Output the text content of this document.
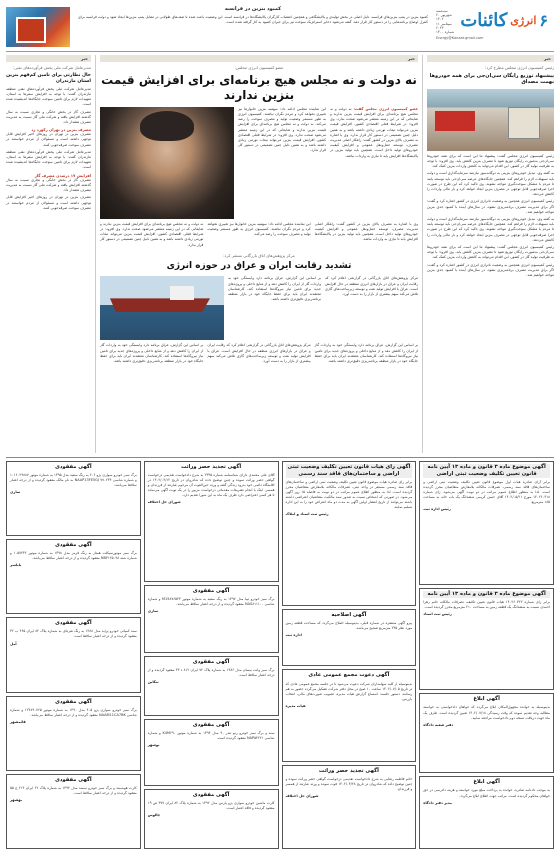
۶
انرژی
کائنات
سه‌شنبه
۲۰ شهریور ۱۴۰۲
۱۱ سپتامبر ۲۰۲۳
شماره ۱۳۰۰
Energy@Kanaat.gmail.com
کمبود بنزین در فرانسه
کمبود بنزین در پمپ بنزین‌های فرانسه، دلیل اصلی در بخش تولیدی و پالایشگاهی و همچنین اعتصاب کارگران پالایشگاه‌ها در فرانسه است. این وضعیت باعث شده تا صف‌های طولانی در مقابل پمپ بنزین‌ها ایجاد شود و دولت فرانسه برای کنترل اوضاع برنامه‌هایی را در دستور کار قرار دهد. گفته می‌شود ذخایر استراتژیک سوخت نیز برای جبران کمبود به کار گرفته شده است.
خبر
رئیس کمیسیون انرژی مجلس مطرح کرد:
پیشنهاد توزیع رایگان سی‌ان‌جی برای همه خودروها بهمت مصداق
رئیس کمیسیون انرژی مجلس گفت: پیشنهاد ما این است که برای همه خودروها سی‌ان‌جی به‌صورت رایگان توزیع شود تا مصرف بنزین کاهش یابد. وی افزود: با توجه به ظرفیت تولید گاز در کشور، این اقدام می‌تواند به کاهش واردات بنزین کمک کند.
به گفته وی، تبدیل خودروهای بنزینی به دوگانه‌سوز نیازمند سرمایه‌گذاری است و دولت باید تسهیلات لازم را فراهم کند. همچنین جایگاه‌های عرضه سی‌ان‌جی باید توسعه یابند تا مردم با مشکل سوخت‌گیری مواجه نشوند. وی تاکید کرد که این طرح در صورت اجرا صرفه‌جویی قابل توجهی در مصرف بنزین ایجاد خواهد کرد و بار مالی واردات را کاهش می‌دهد.
رئیس کمیسیون انرژی همچنین به وضعیت ناترازی انرژی در کشور اشاره کرد و گفت: اگر برای مدیریت مصرف برنامه‌ریزی نشود، در سال‌های آینده با کمبود جدی بنزین مواجه خواهیم شد.
به گفته وی، تبدیل خودروهای بنزینی به دوگانه‌سوز نیازمند سرمایه‌گذاری است و دولت باید تسهیلات لازم را فراهم کند. همچنین جایگاه‌های عرضه سی‌ان‌جی باید توسعه یابند تا مردم با مشکل سوخت‌گیری مواجه نشوند. وی تاکید کرد که این طرح در صورت اجرا صرفه‌جویی قابل توجهی در مصرف بنزین ایجاد خواهد کرد و بار مالی واردات را کاهش می‌دهد.
رئیس کمیسیون انرژی مجلس گفت: پیشنهاد ما این است که برای همه خودروها سی‌ان‌جی به‌صورت رایگان توزیع شود تا مصرف بنزین کاهش یابد. وی افزود: با توجه به ظرفیت تولید گاز در کشور، این اقدام می‌تواند به کاهش واردات بنزین کمک کند.
رئیس کمیسیون انرژی همچنین به وضعیت ناترازی انرژی در کشور اشاره کرد و گفت: اگر برای مدیریت مصرف برنامه‌ریزی نشود، در سال‌های آینده با کمبود جدی بنزین مواجه خواهیم شد.
خبر
عضو کمیسیون انرژی مجلس:
نه دولت و نه مجلس هیچ برنامه‌ای برای افزایش قیمت بنزین ندارند
عضو کمیسیون انرژی مجلس گفت: نه دولت و نه مجلس هیچ برنامه‌ای برای افزایش قیمت بنزین ندارند و شایعاتی که در این زمینه منتشر می‌شود صحت ندارد. وی افزود: در شرایط فعلی اقتصادی کشور، افزایش قیمت بنزین می‌تواند تبعات تورمی زیادی داشته باشد و به همین دلیل چنین تصمیمی در دستور کار قرار ندارد. وی با اشاره به مصرف بالای بنزین در کشور گفت: راهکار اصلی مدیریت مصرف، توسعه حمل‌ونقل عمومی و افزایش کیفیت خودروهای تولید داخل است. همچنین باید تولید بنزین در پالایشگاه‌ها افزایش یابد تا نیازی به واردات نباشد.
این نماینده مجلس ادامه داد: سهمیه بنزین خانوارها نیز تغییری نخواهد کرد و مردم نگران نباشند. کمیسیون انرژی به طور مستمر وضعیت تولید و مصرف سوخت را رصد می‌کند. نه دولت و نه مجلس هیچ برنامه‌ای برای افزایش قیمت بنزین ندارند و شایعاتی که در این زمینه منتشر می‌شود صحت ندارد. وی افزود: در شرایط فعلی اقتصادی کشور، افزایش قیمت بنزین می‌تواند تبعات تورمی زیادی داشته باشد و به همین دلیل چنین تصمیمی در دستور کار قرار ندارد.
وی با اشاره به مصرف بالای بنزین در کشور گفت: راهکار اصلی مدیریت مصرف، توسعه حمل‌ونقل عمومی و افزایش کیفیت خودروهای تولید داخل است. همچنین باید تولید بنزین در پالایشگاه‌ها افزایش یابد تا نیازی به واردات نباشد.
این نماینده مجلس ادامه داد: سهمیه بنزین خانوارها نیز تغییری نخواهد کرد و مردم نگران نباشند. کمیسیون انرژی به طور مستمر وضعیت تولید و مصرف سوخت را رصد می‌کند.
نه دولت و نه مجلس هیچ برنامه‌ای برای افزایش قیمت بنزین ندارند و شایعاتی که در این زمینه منتشر می‌شود صحت ندارد. وی افزود: در شرایط فعلی اقتصادی کشور، افزایش قیمت بنزین می‌تواند تبعات تورمی زیادی داشته باشد و به همین دلیل چنین تصمیمی در دستور کار قرار ندارد.
مرکز پژوهش‌های اتاق بازرگانی منتشر کرد:
تشدید رقابت ایران و عراق در حوزه انرژی
مرکز پژوهش‌های اتاق بازرگانی در گزارشی اعلام کرد که رقابت ایران و عراق در بازارهای انرژی منطقه در حال افزایش است. عراق با افزایش تولید نفت و توسعه زیرساخت‌های گازی تلاش می‌کند سهم بیشتری از بازار را به دست آورد.
بر اساس این گزارش، عراق برنامه دارد وابستگی خود به واردات گاز از ایران را کاهش دهد و از منابع داخلی و پروژه‌های جدید برای تامین نیاز نیروگاه‌ها استفاده کند. کارشناسان معتقدند ایران باید برای حفظ جایگاه خود در بازار منطقه برنامه‌ریزی دقیق‌تری داشته باشد.
بر اساس این گزارش، عراق برنامه دارد وابستگی خود به واردات گاز از ایران را کاهش دهد و از منابع داخلی و پروژه‌های جدید برای تامین نیاز نیروگاه‌ها استفاده کند. کارشناسان معتقدند ایران باید برای حفظ جایگاه خود در بازار منطقه برنامه‌ریزی دقیق‌تری داشته باشد.
مرکز پژوهش‌های اتاق بازرگانی در گزارشی اعلام کرد که رقابت ایران و عراق در بازارهای انرژی منطقه در حال افزایش است. عراق با افزایش تولید نفت و توسعه زیرساخت‌های گازی تلاش می‌کند سهم بیشتری از بازار را به دست آورد.
بر اساس این گزارش، عراق برنامه دارد وابستگی خود به واردات گاز از ایران را کاهش دهد و از منابع داخلی و پروژه‌های جدید برای تامین نیاز نیروگاه‌ها استفاده کند. کارشناسان معتقدند ایران باید برای حفظ جایگاه خود در بازار منطقه برنامه‌ریزی دقیق‌تری داشته باشد.
خبر
مدیرعامل شرکت ملی پخش فرآورده‌های نفتی:
حال نظارتی برای تامین کم‌فهم بنزین استان مازندران
مدیرعامل شرکت ملی پخش فرآورده‌های نفتی منطقه مازندران گفت: با توجه به افزایش سفرها به استان، تمهیدات لازم برای تامین سوخت جایگاه‌ها اندیشیده شده است.
مصرف گاز در بخش خانگی و تجاری نسبت به سال گذشته افزایش یافته و شرکت ملی گاز نسبت به مدیریت مصرف هشدار داد.
مصرف بنزین در تهران رکورد زد
مصرف بنزین در تهران در روزهای اخیر افزایش قابل توجهی داشته است و مسئولان از مردم خواستند در مصرف سوخت صرفه‌جویی کنند.
مدیرعامل شرکت ملی پخش فرآورده‌های نفتی منطقه مازندران گفت: با توجه به افزایش سفرها به استان، تمهیدات لازم برای تامین سوخت جایگاه‌ها اندیشیده شده است.
افزایش ۱۷ درصدی مصرف گاز
مصرف گاز در بخش خانگی و تجاری نسبت به سال گذشته افزایش یافته و شرکت ملی گاز نسبت به مدیریت مصرف هشدار داد.
مصرف بنزین در تهران در روزهای اخیر افزایش قابل توجهی داشته است و مسئولان از مردم خواستند در مصرف سوخت صرفه‌جویی کنند.
آگهی موضوع ماده ۳ قانون و ماده ۱۳ آیین نامه قانون تعیین تکلیف وضعیت ثبتی اراضی
برابر آرای صادره هیات اول موضوع قانون تعیین تکلیف وضعیت ثبتی اراضی و ساختمان‌های فاقد سند رسمی، تصرفات مالکانه بلامعارض متقاضیان محرز گردیده است. لذا به منظور اطلاع عموم مراتب در دو نوبت آگهی می‌شود. رای شماره ۱۴۰۲۶۰۳۱۸ مورخ ۱۴۰۲/۰۵/۲۱ آقای حسن کریمی ششدانگ یک باب خانه به مساحت ۱۸۵ مترمربع.
رئیس اداره ثبت
آگهی موضوع ماده ۳ قانون و ماده ۱۳ آیین نامه
برابر رای شماره ۱۴۰۲۶۰۳۲۲ هیات قانون تعیین تکلیف، تصرفات مالکانه خانم زهرا احمدی نسبت به ششدانگ یک قطعه زمین به مساحت ۲۱۰ مترمربع محرز گردیده است.
رئیس ثبت اسناد
آگهی ابلاغ
بدینوسیله به خوانده مجهول‌المکان ابلاغ می‌گردد که خواهان دادخواستی به خواسته مطالبه وجه تقدیم نموده که وقت رسیدگی ۱۴۰۲/۰۷/۱۸ تعیین گردیده است. ظرف یک ماه جهت دریافت نسخه دوم دادخواست مراجعه نمایید.
دفتر شعبه دادگاه
آگهی ابلاغ
به موجب دادنامه صادره، خوانده به پرداخت مبلغ مورد خواسته و هزینه دادرسی در حق خواهان محکوم گردیده است. مراتب جهت اطلاع ابلاغ می‌گردد.
مدیر دفتر دادگاه
آگهی رای هیات قانون تعیین تکلیف وضعیت ثبتی اراضی و ساختمان‌های فاقد سند رسمی
برابر رای صادره هیات موضوع قانون تعیین تکلیف وضعیت ثبتی اراضی و ساختمان‌های فاقد سند رسمی مستقر در واحد ثبتی، تصرفات مالکانه بلامعارض متقاضیان محرز گردیده است. لذا به منظور اطلاع عموم مراتب در دو نوبت به فاصله ۱۵ روز آگهی می‌شود. در صورتی که اشخاص نسبت به صدور سند مالکیت متقاضیان اعتراضی داشته باشند می‌توانند از تاریخ انتشار اولین آگهی به مدت دو ماه اعتراض خود را به این اداره تسلیم نمایند.
رئیس ثبت اسناد و املاک
آگهی اصلاحیه
پیرو آگهی منتشره در شماره قبلی، بدینوسیله اصلاح می‌گردد که مساحت قطعه زمین مورد نظر ۲۴۵ مترمربع صحیح می‌باشد.
اداره ثبت
آگهی دعوت مجمع عمومی عادی
بدینوسیله از کلیه سهامداران شرکت دعوت می‌شود تا در جلسه مجمع عمومی عادی که در تاریخ ۱۴۰۲/۰۷/۰۵ ساعت ۱۰ صبح در محل دفتر شرکت تشکیل می‌گردد حضور به هم رسانند. دستور جلسه: استماع گزارش هیات مدیره، تصویب صورت‌های مالی، انتخاب بازرس.
هیات مدیره
آگهی تجدید حصر وراثت
خانم فاطمه رضایی به شرح دادخواست تقدیمی درخواست گواهی حصر وراثت نموده و چنین توضیح داده که شادروان در تاریخ ۱۴۰۲/۰۳/۲۸ فوت نموده و ورثه عبارتند از همسر و فرزندان.
شورای حل اختلاف
آگهی تجدید حصر وراثت
آقای علی محمدی دارای شناسنامه شماره ۲۳۴۵ به شرح دادخواست تقدیمی درخواست گواهی حصر وراثت نموده و چنین توضیح داده که شادروان در تاریخ ۱۴۰۲/۰۴/۱۲ در اقامتگاه دائمی خود بدرود زندگی گفته و ورثه حین‌الفوت آن مرحوم عبارتند از فرزندان و همسر. اینک با انجام تشریفات مقدماتی درخواست مزبور را در یک نوبت آگهی می‌نماید تا هر کسی اعتراضی دارد ظرف یک ماه به این شورا تقدیم دارد.
شورای حل اختلاف
آگهی مفقودی
برگ سبز خودرو تیبا مدل ۱۳۹۷ به رنگ سفید به شماره موتور M15۸۷۶۵۴۳ و شماره شاسی NAS۸۱۱۱۰۰ مفقود گردیده و از درجه اعتبار ساقط می‌باشد.
ساری
آگهی مفقودی
برگ سبز وانت نیسان مدل ۱۳۸۶ به شماره پلاک ۷۲ ایران ۸۱۲ د ۴۳ مفقود گردیده و از درجه اعتبار ساقط است.
تنکابن
آگهی مفقودی
سند و برگ سبز خودرو رنو تندر ۹۰ مدل ۱۳۹۴ به شماره موتور K4M۶۹۰ و شماره شاسی NAP۵۴۲۲۱ مفقود گردیده است.
نوشهر
آگهی مفقودی
کارت ماشین خودرو سواری پژو پارس مدل ۱۳۹۶ به شماره پلاک ۸۲ ایران ۳۷۷ ص ۱۹ مفقود گردیده و فاقد اعتبار است.
چالوس
آگهی مفقودی
برگ سبز خودرو سواری پژو ۲۰۶ به رنگ سفید مدل ۱۳۹۵ به شماره موتور ۱۰۱۶۰۲۹۸۸۷ و شماره شاسی NAAP13FE5GJ ۷۷۰۲۳۴ به نام مالک مفقود گردیده و از درجه اعتبار ساقط می‌باشد.
ساری
آگهی مفقودی
برگ سبز موتورسیکلت همتاز به رنگ قرمز مدل ۱۳۹۸ به شماره موتور ۱۰۵۷۴۳۲ و شماره شنه NB۳۱۲۵۰۹۸ مفقود گردیده و از درجه اعتبار ساقط می‌باشد.
بابلسر
آگهی مفقودی
سند کمپانی خودرو پراید مدل ۱۳۸۸ به رنگ نقره‌ای به شماره پلاک ۸۲ ایران ۴۶۵ ب ۳۲ مفقود گردیده و از درجه اعتبار ساقط است.
آمل
آگهی مفقودی
برگ سبز خودرو سواری پژو ۴۰۵ مدل ۱۳۹۰ به شماره موتور ۱۲۴۸۹۰۷۶۵ و شماره شاسی NAAM11CA7BK مفقود گردیده و از درجه اعتبار ساقط می‌باشد.
قائمشهر
آگهی مفقودی
کارت هوشمند و برگ سبز خودرو سمند مدل ۱۳۹۲ به شماره پلاک ۶۲ ایران ۲۱۴ ج ۵۵ مفقود گردیده و از درجه اعتبار ساقط است.
بهشهر
